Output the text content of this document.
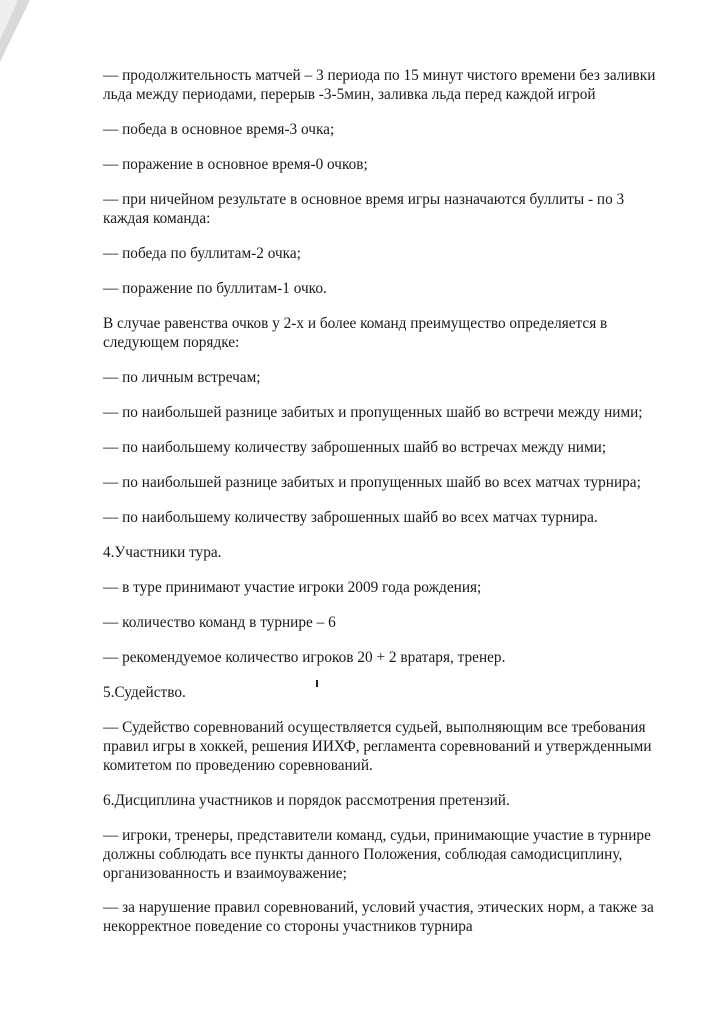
— продолжительность матчей – 3 периода по 15 минут чистого времени без заливки льда между периодами, перерыв -3-5мин, заливка льда перед каждой игрой

— победа в основное время-3 очка;

— поражение в основное время-0 очков;

— при ничейном результате в основное время игры назначаются буллиты - по 3 каждая команда:

— победа по буллитам-2 очка;

— поражение по буллитам-1 очко.

В случае равенства очков у 2-х и более команд преимущество определяется в следующем порядке:

— по личным встречам;

— по наибольшей разнице забитых и пропущенных шайб во встречи между ними;

— по наибольшему количеству заброшенных шайб во встречах между ними;

— по наибольшей разнице забитых и пропущенных шайб во всех матчах турнира;

— по наибольшему количеству заброшенных шайб во всех матчах турнира.

4.Участники тура.

— в туре принимают участие игроки 2009 года рождения;

— количество команд в турнире – 6

— рекомендуемое количество игроков 20 + 2 вратаря, тренер.

5.Судейство.

— Судейство соревнований осуществляется судьей, выполняющим все требования правил игры в хоккей, решения ИИХФ, регламента соревнований и утвержденными комитетом по проведению соревнований.

6.Дисциплина участников и порядок рассмотрения претензий.

— игроки, тренеры, представители команд, судьи, принимающие участие в турнире должны соблюдать все пункты данного Положения, соблюдая самодисциплину, организованность и взаимоуважение;

— за нарушение правил соревнований, условий участия, этических норм, а также за некорректное поведение со стороны участников турнира
